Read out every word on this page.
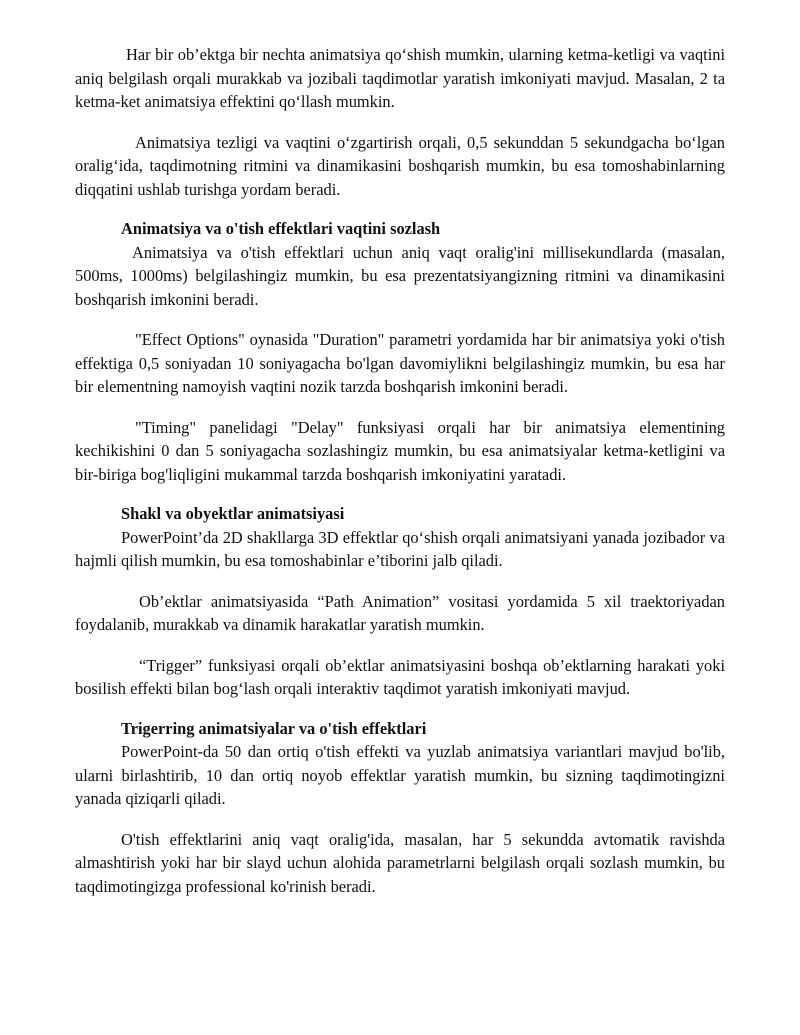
Har bir ob’ektga bir nechta animatsiya qo‘shish mumkin, ularning ketma-ketligi va vaqtini aniq belgilash orqali murakkab va jozibali taqdimotlar yaratish imkoniyati mavjud. Masalan, 2 ta ketma-ket animatsiya effektini qo‘llash mumkin.

Animatsiya tezligi va vaqtini o‘zgartirish orqali, 0,5 sekunddan 5 sekundgacha bo‘lgan oralig‘ida, taqdimotning ritmini va dinamikasini boshqarish mumkin, bu esa tomoshabinlarning diqqatini ushlab turishga yordam beradi.

Animatsiya va o'tish effektlari vaqtini sozlash

Animatsiya va o'tish effektlari uchun aniq vaqt oralig'ini millisekundlarda (masalan, 500ms, 1000ms) belgilashingiz mumkin, bu esa prezentatsiyangizning ritmini va dinamikasini boshqarish imkonini beradi.

"Effect Options" oynasida "Duration" parametri yordamida har bir animatsiya yoki o'tish effektiga 0,5 soniyadan 10 soniyagacha bo'lgan davomiylikni belgilashingiz mumkin, bu esa har bir elementning namoyish vaqtini nozik tarzda boshqarish imkonini beradi.

"Timing" panelidagi "Delay" funksiyasi orqali har bir animatsiya elementining kechikishini 0 dan 5 soniyagacha sozlashingiz mumkin, bu esa animatsiyalar ketma-ketligini va bir-biriga bog'liqligini mukammal tarzda boshqarish imkoniyatini yaratadi.

Shakl va obyektlar animatsiyasi

PowerPoint’da 2D shakllarga 3D effektlar qo‘shish orqali animatsiyani yanada jozibador va hajmli qilish mumkin, bu esa tomoshabinlar e’tiborini jalb qiladi.

Ob’ektlar animatsiyasida “Path Animation” vositasi yordamida 5 xil traektoriyadan foydalanib, murakkab va dinamik harakatlar yaratish mumkin.

“Trigger” funksiyasi orqali ob’ektlar animatsiyasini boshqa ob’ektlarning harakati yoki bosilish effekti bilan bog‘lash orqali interaktiv taqdimot yaratish imkoniyati mavjud.

Trigerring animatsiyalar va o'tish effektlari

PowerPoint-da 50 dan ortiq o'tish effekti va yuzlab animatsiya variantlari mavjud bo'lib, ularni birlashtirib, 10 dan ortiq noyob effektlar yaratish mumkin, bu sizning taqdimotingizni yanada qiziqarli qiladi.

O'tish effektlarini aniq vaqt oralig'ida, masalan, har 5 sekundda avtomatik ravishda almashtirish yoki har bir slayd uchun alohida parametrlarni belgilash orqali sozlash mumkin, bu taqdimotingizga professional ko'rinish beradi.
